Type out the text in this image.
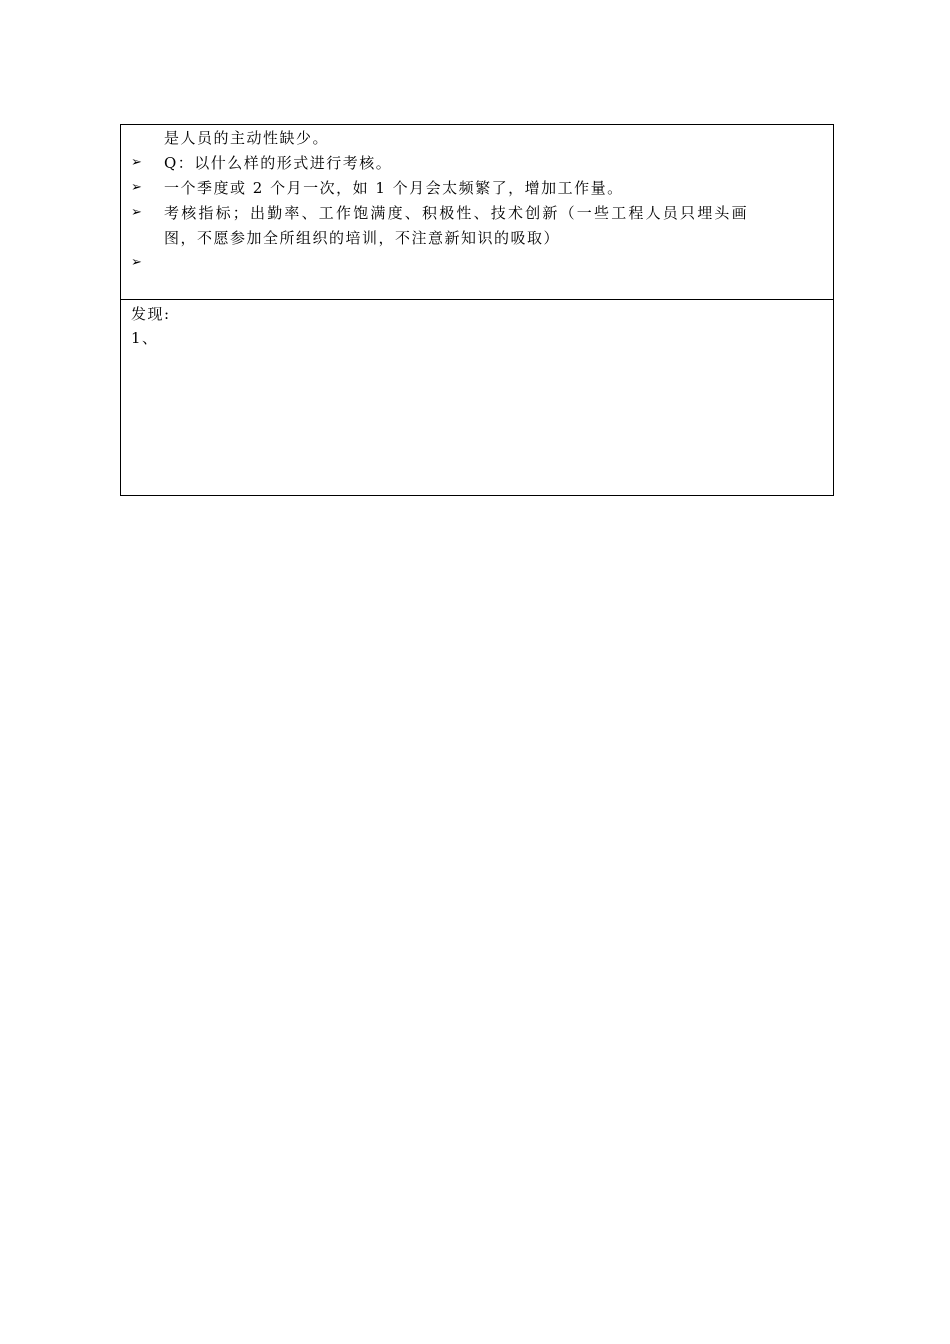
是人员的主动性缺少。
➢ Q：以什么样的形式进行考核。
➢ 一个季度或 2 个月一次，如 1 个月会太频繁了，增加工作量。
➢ 考核指标；出勤率、工作饱满度、积极性、技术创新（一些工程人员只埋头画
图，不愿参加全所组织的培训，不注意新知识的吸取）
➢
发现:
1、
